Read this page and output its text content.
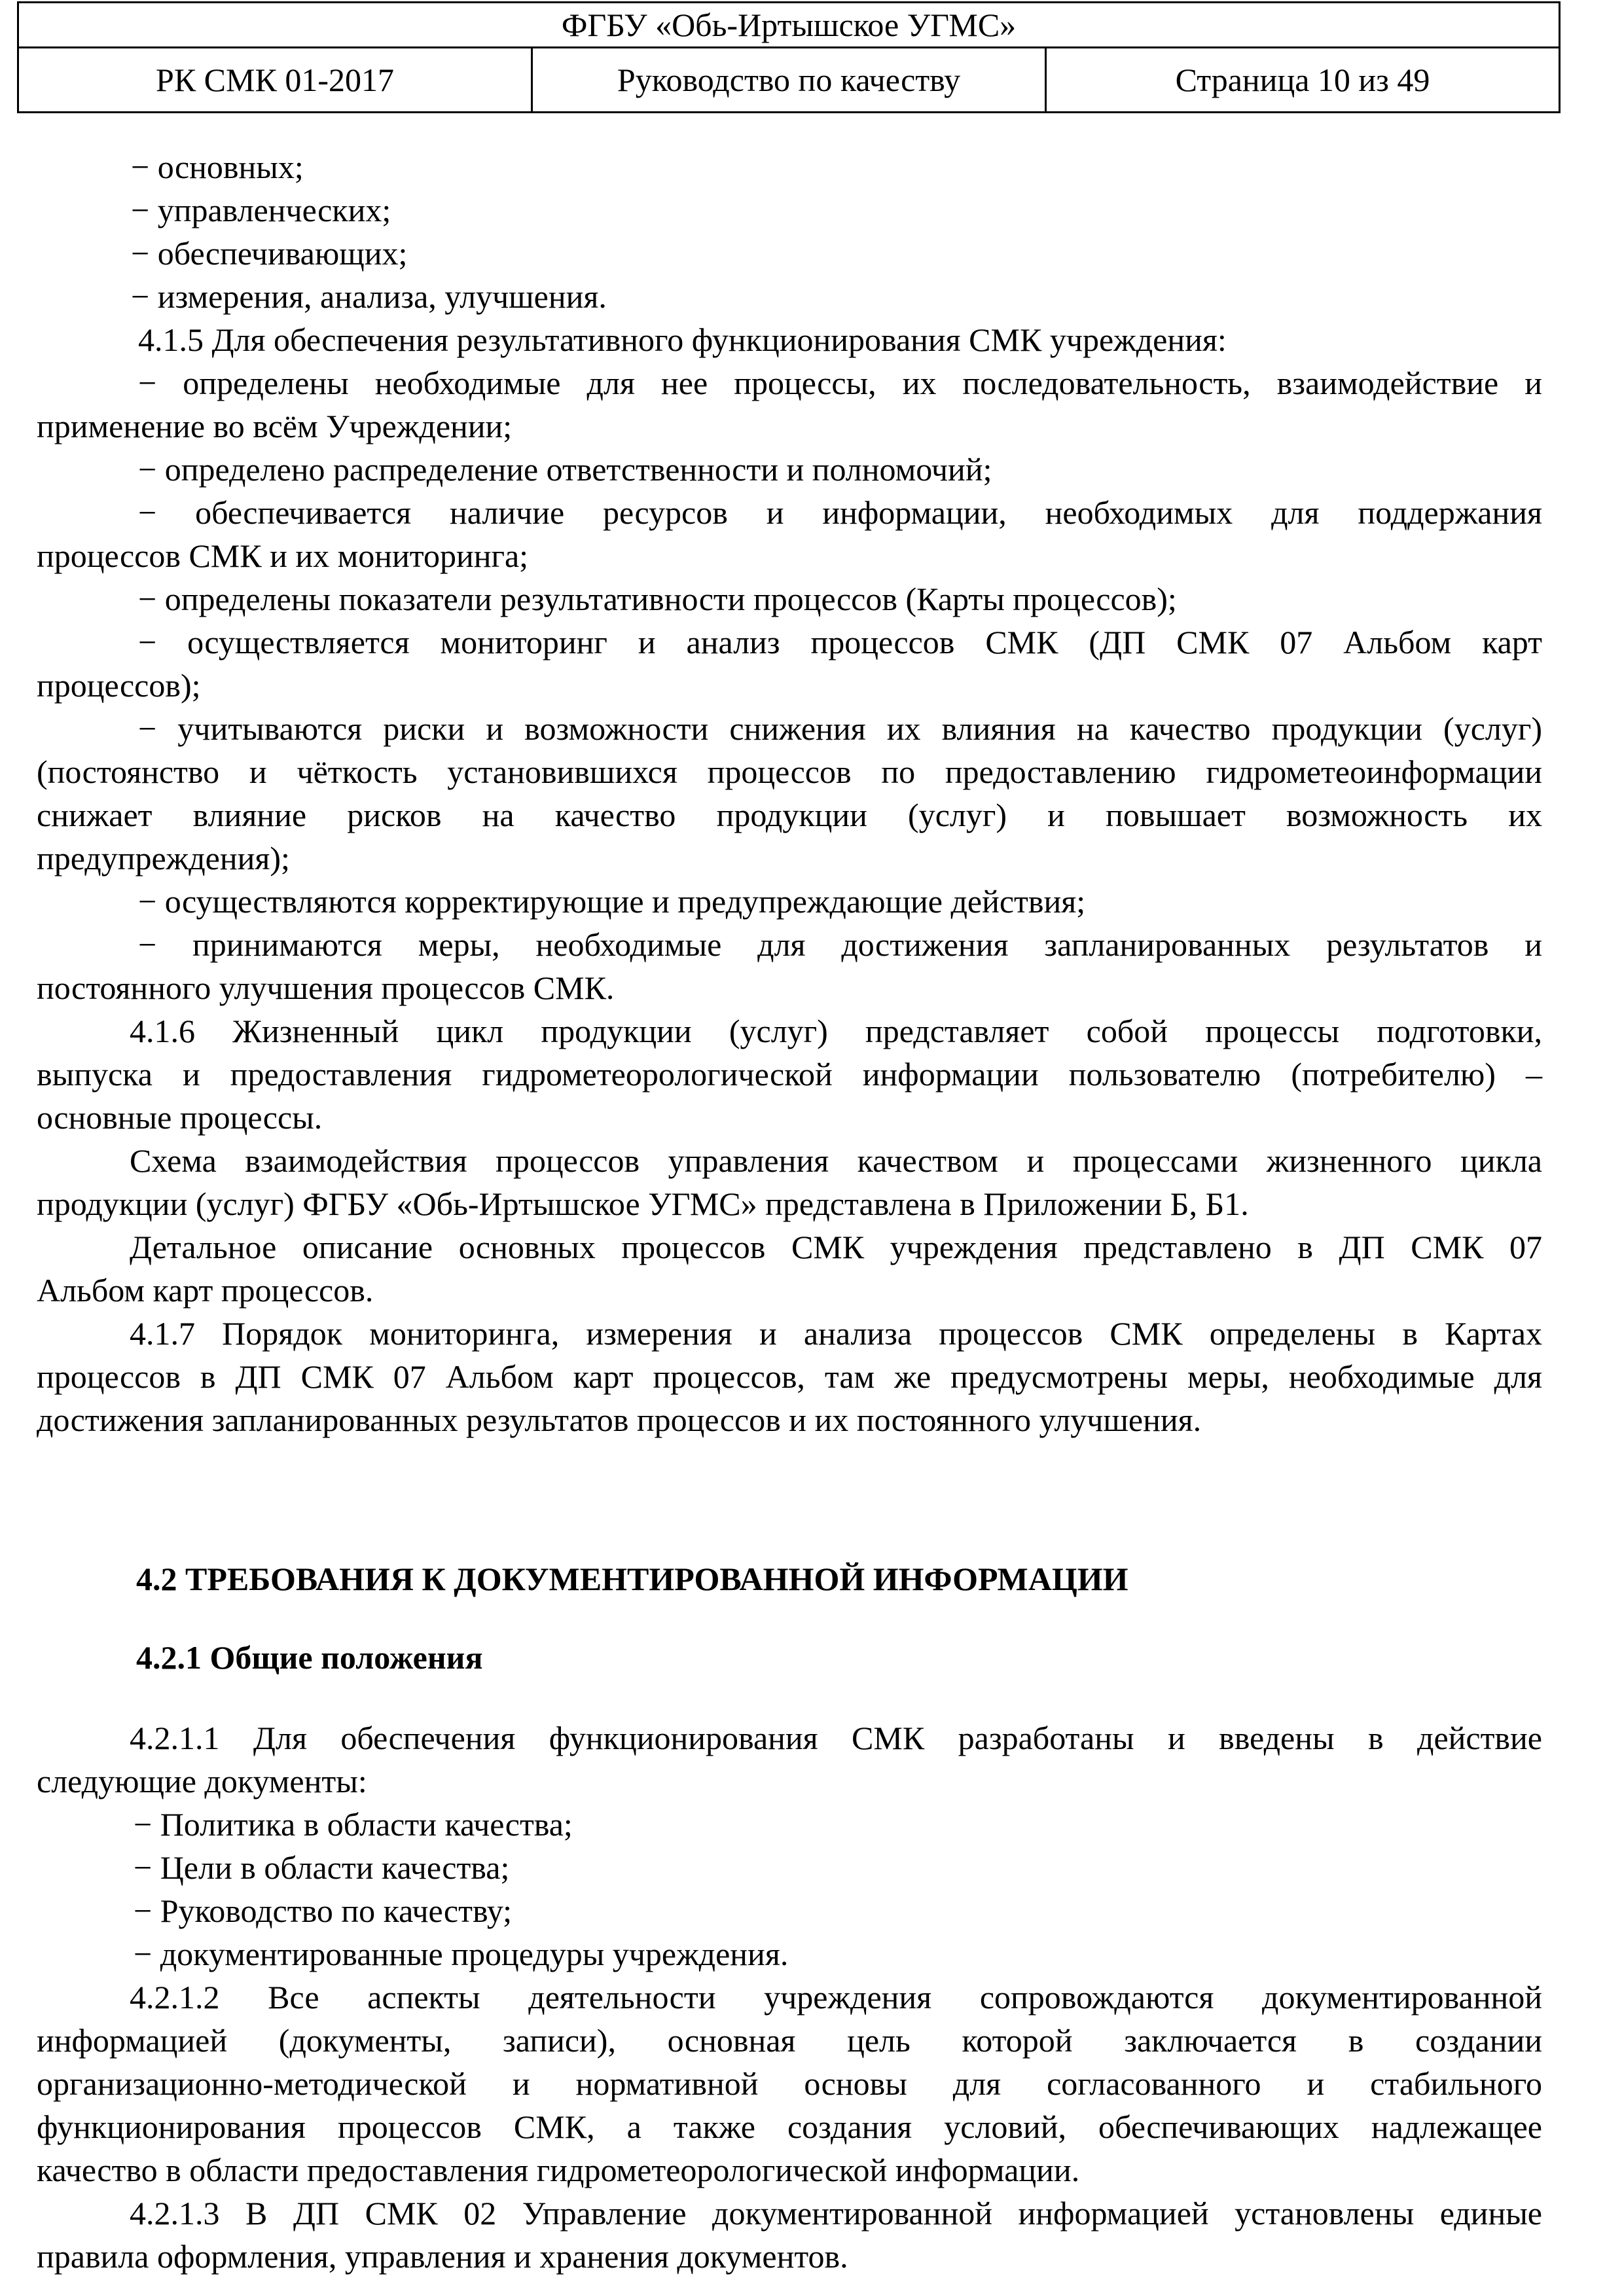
ФГБУ «Обь-Иртышское УГМС»
РК СМК 01-2017	Руководство по качеству	Страница 10 из 49
− основных;
− управленческих;
− обеспечивающих;
− измерения, анализа, улучшения.
4.1.5 Для обеспечения результативного функционирования СМК учреждения:
− определены необходимые для нее процессы, их последовательность, взаимодействие и
применение во всём Учреждении;
− определено распределение ответственности и полномочий;
− обеспечивается наличие ресурсов и информации, необходимых для поддержания
процессов СМК и их мониторинга;
− определены показатели результативности процессов (Карты процессов);
− осуществляется мониторинг и анализ процессов СМК (ДП СМК 07 Альбом карт
процессов);
− учитываются риски и возможности снижения их влияния на качество продукции (услуг)
(постоянство и чёткость установившихся процессов по предоставлению гидрометеоинформации
снижает влияние рисков на качество продукции (услуг) и повышает возможность их
предупреждения);
− осуществляются корректирующие и предупреждающие действия;
− принимаются меры, необходимые для достижения запланированных результатов и
постоянного улучшения процессов СМК.
4.1.6 Жизненный цикл продукции (услуг) представляет собой процессы подготовки,
выпуска и предоставления гидрометеорологической информации пользователю (потребителю) –
основные процессы.
Схема взаимодействия процессов управления качеством и процессами жизненного цикла
продукции (услуг) ФГБУ «Обь-Иртышское УГМС» представлена в Приложении Б, Б1.
Детальное описание основных процессов СМК учреждения представлено в ДП СМК 07
Альбом карт процессов.
4.1.7 Порядок мониторинга, измерения и анализа процессов СМК определены в Картах
процессов в ДП СМК 07 Альбом карт процессов, там же предусмотрены меры, необходимые для
достижения запланированных результатов процессов и их постоянного улучшения.
4.2 ТРЕБОВАНИЯ К ДОКУМЕНТИРОВАННОЙ ИНФОРМАЦИИ
4.2.1 Общие положения
4.2.1.1 Для обеспечения функционирования СМК разработаны и введены в действие
следующие документы:
− Политика в области качества;
− Цели в области качества;
− Руководство по качеству;
− документированные процедуры учреждения.
4.2.1.2 Все аспекты деятельности учреждения сопровождаются документированной
информацией (документы, записи), основная цель которой заключается в создании
организационно-методической и нормативной основы для согласованного и стабильного
функционирования процессов СМК, а также создания условий, обеспечивающих надлежащее
качество в области предоставления гидрометеорологической информации.
4.2.1.3 В ДП СМК 02 Управление документированной информацией установлены единые
правила оформления, управления и хранения документов.
